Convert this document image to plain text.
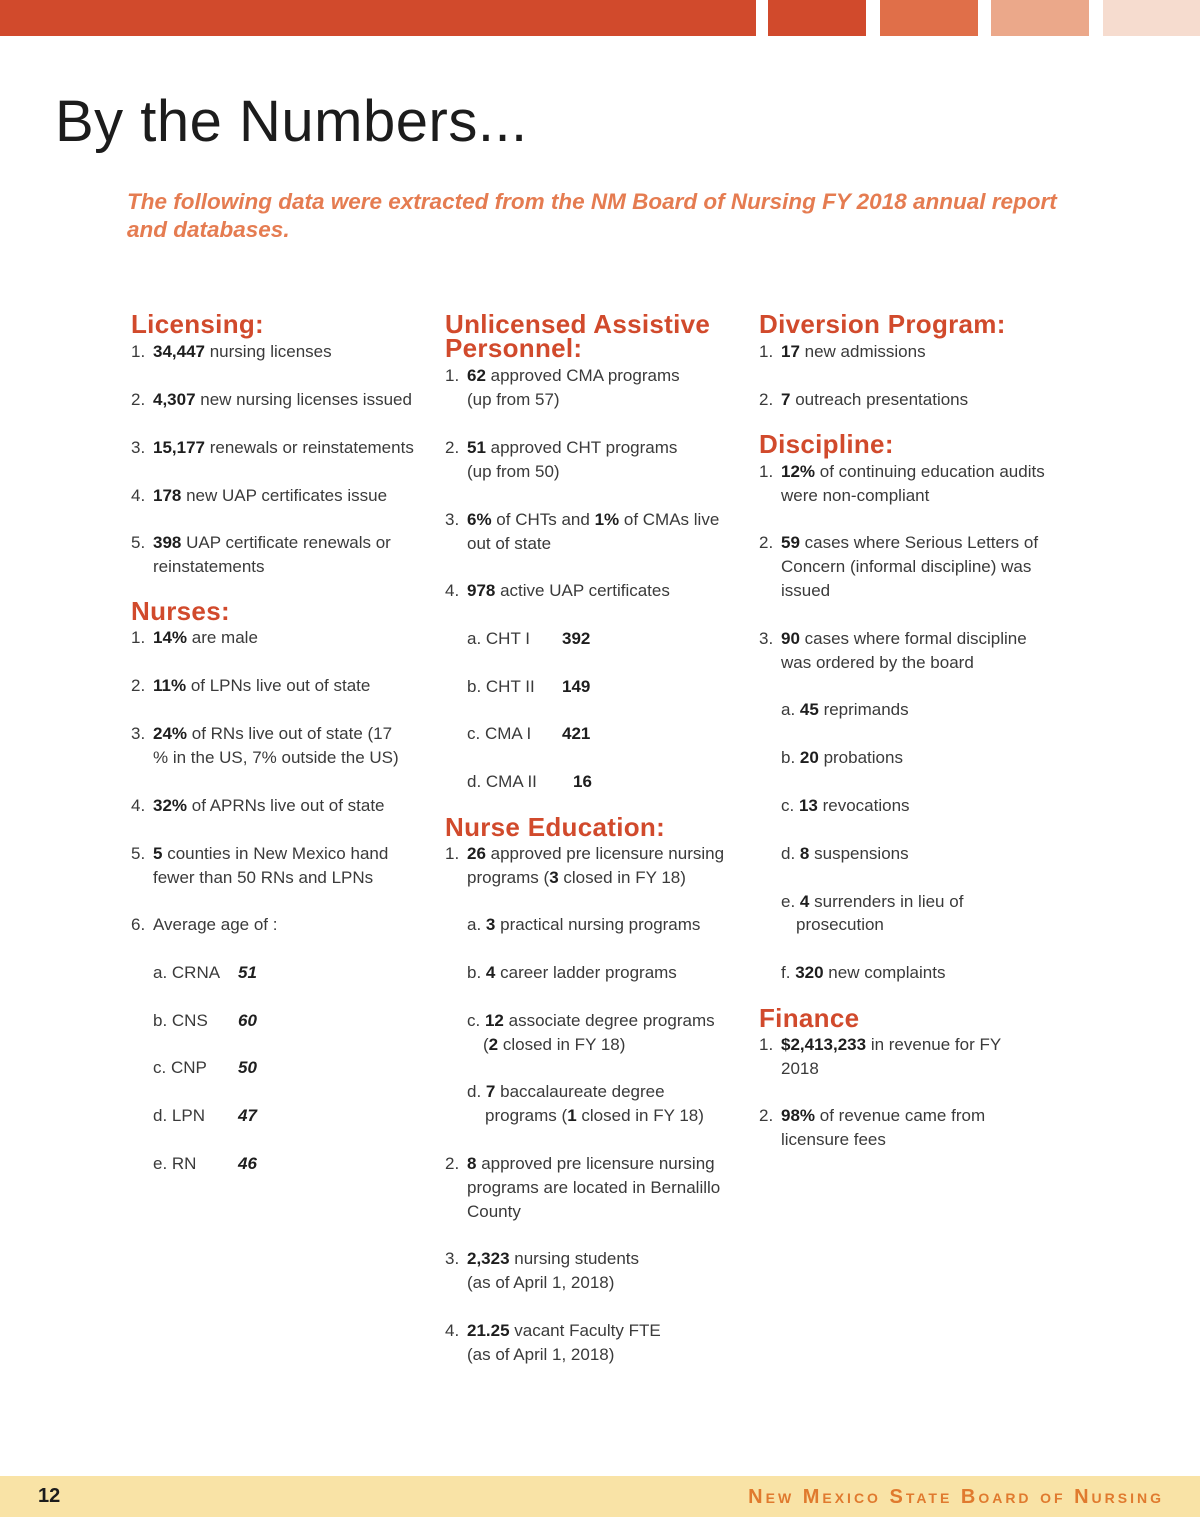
By the Numbers...
The following data were extracted from the NM Board of Nursing FY 2018 annual report and databases.
Licensing:
1. 34,447 nursing licenses
2. 4,307 new nursing licenses issued
3. 15,177 renewals or reinstatements
4. 178 new UAP certificates issue
5. 398 UAP certificate renewals or
reinstatements
Nurses:
1. 14% are male
2. 11% of LPNs live out of state
3. 24% of RNs live out of state (17
% in the US, 7% outside the US)
4. 32% of APRNs live out of state
5. 5 counties in New Mexico hand
fewer than 50 RNs and LPNs
6. Average age of :
a. CRNA 51
b. CNS 60
c. CNP 50
d. LPN 47
e. RN 46
Unlicensed Assistive
Personnel:
1. 62 approved CMA programs
(up from 57)
2. 51 approved CHT programs
(up from 50)
3. 6% of CHTs and 1% of CMAs live
out of state
4. 978 active UAP certificates
a. CHT I 392
b. CHT II 149
c. CMA I 421
d. CMA II 16
Nurse Education:
1. 26 approved pre licensure nursing
programs (3 closed in FY 18)
a. 3 practical nursing programs
b. 4 career ladder programs
c. 12 associate degree programs
(2 closed in FY 18)
d. 7 baccalaureate degree
programs (1 closed in FY 18)
2. 8 approved pre licensure nursing
programs are located in Bernalillo
County
3. 2,323 nursing students
(as of April 1, 2018)
4. 21.25 vacant Faculty FTE
(as of April 1, 2018)
Diversion Program:
1. 17 new admissions
2. 7 outreach presentations
Discipline:
1. 12% of continuing education audits
were non-compliant
2. 59 cases where Serious Letters of
Concern (informal discipline) was
issued
3. 90 cases where formal discipline
was ordered by the board
a. 45 reprimands
b. 20 probations
c. 13 revocations
d. 8 suspensions
e. 4 surrenders in lieu of
prosecution
f. 320 new complaints
Finance
1. $2,413,233 in revenue for FY
2018
2. 98% of revenue came from
licensure fees
12	New Mexico State Board of Nursing
